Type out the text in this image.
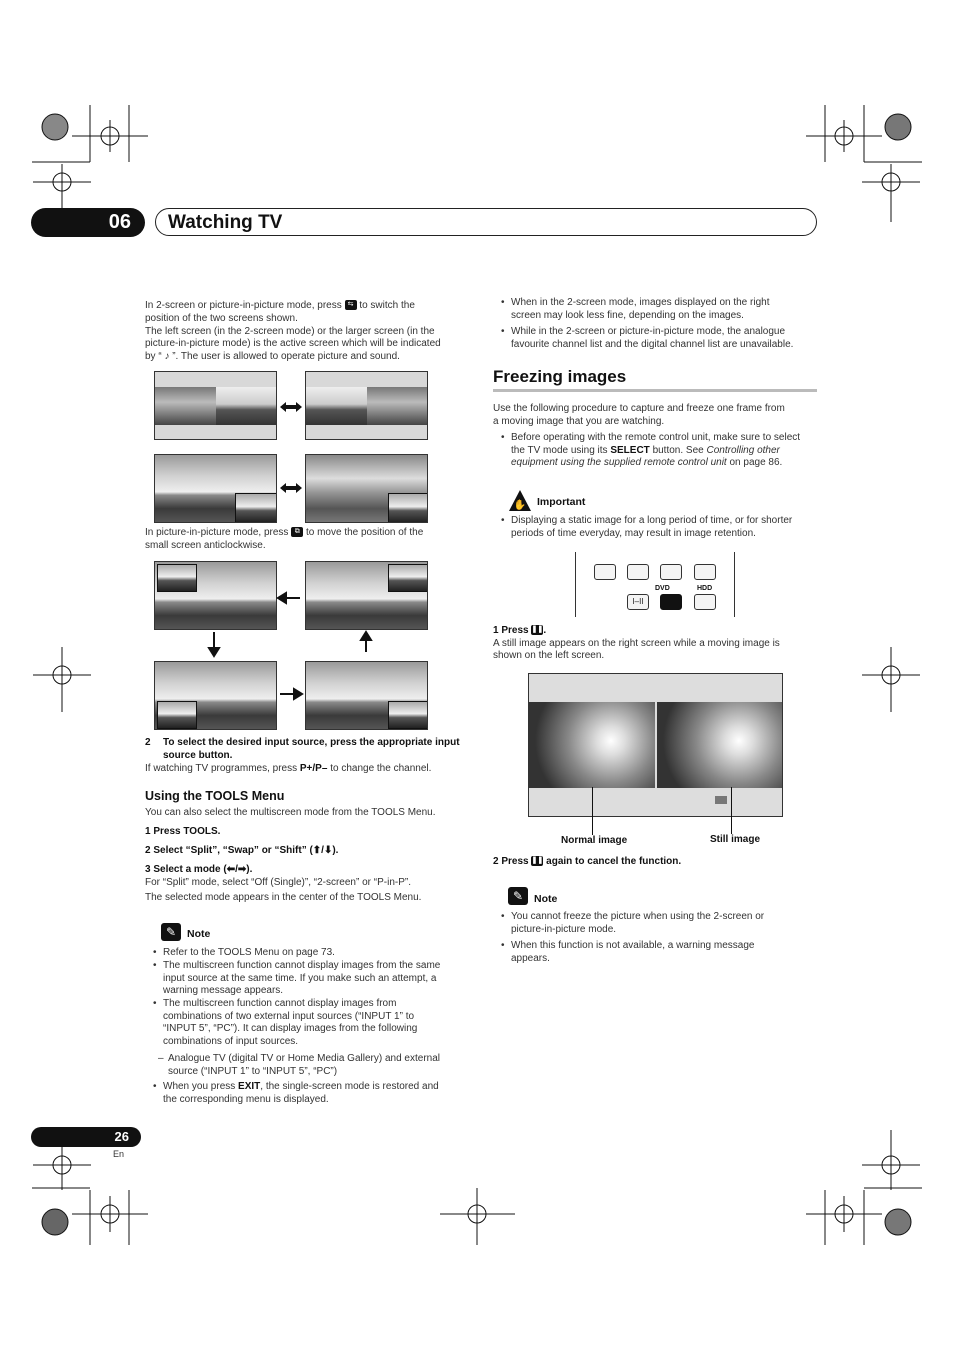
06	Watching TV
In 2-screen or picture-in-picture mode, press ⇆ to switch the
position of the two screens shown.
The left screen (in the 2-screen mode) or the larger screen (in the
picture-in-picture mode) is the active screen which will be indicated
by “ ♪ ”. The user is allowed to operate picture and sound.
In picture-in-picture mode, press ⧉ to move the position of the
small screen anticlockwise.
2 To select the desired input source, press the appropriate input
source button.
If watching TV programmes, press P+/P– to change the channel.
Using the TOOLS Menu
You can also select the multiscreen mode from the TOOLS Menu.
1 Press TOOLS.
2 Select “Split”, “Swap” or “Shift” (⬆/⬇).
3 Select a mode (⬅/➡).
For “Split” mode, select “Off (Single)”, “2-screen” or “P-in-P”.
The selected mode appears in the center of the TOOLS Menu.
✎	Note
• Refer to the TOOLS Menu on page 73.
• The multiscreen function cannot display images from the same
input source at the same time. If you make such an attempt, a
warning message appears.
• The multiscreen function cannot display images from
combinations of two external input sources (“INPUT 1” to
“INPUT 5”, “PC”). It can display images from the following
combinations of input sources.
– Analogue TV (digital TV or Home Media Gallery) and external
source (“INPUT 1” to “INPUT 5”, “PC”)
• When you press EXIT, the single-screen mode is restored and
the corresponding menu is displayed.
• When in the 2-screen mode, images displayed on the right
screen may look less fine, depending on the images.
• While in the 2-screen or picture-in-picture mode, the analogue
favourite channel list and the digital channel list are unavailable.
Freezing images
Use the following procedure to capture and freeze one frame from
a moving image that you are watching.
• Before operating with the remote control unit, make sure to select
the TV mode using its SELECT button. See Controlling other
equipment using the supplied remote control unit on page 86.
✋ Important
• Displaying a static image for a long period of time, or for shorter
periods of time everyday, may result in image retention.
I–II
DVD	HDD
1 Press ❚❚.
A still image appears on the right screen while a moving image is
shown on the left screen.
Normal image	Still image
2 Press ❚❚ again to cancel the function.
✎	Note
• You cannot freeze the picture when using the 2-screen or
picture-in-picture mode.
• When this function is not available, a warning message
appears.
26
En
